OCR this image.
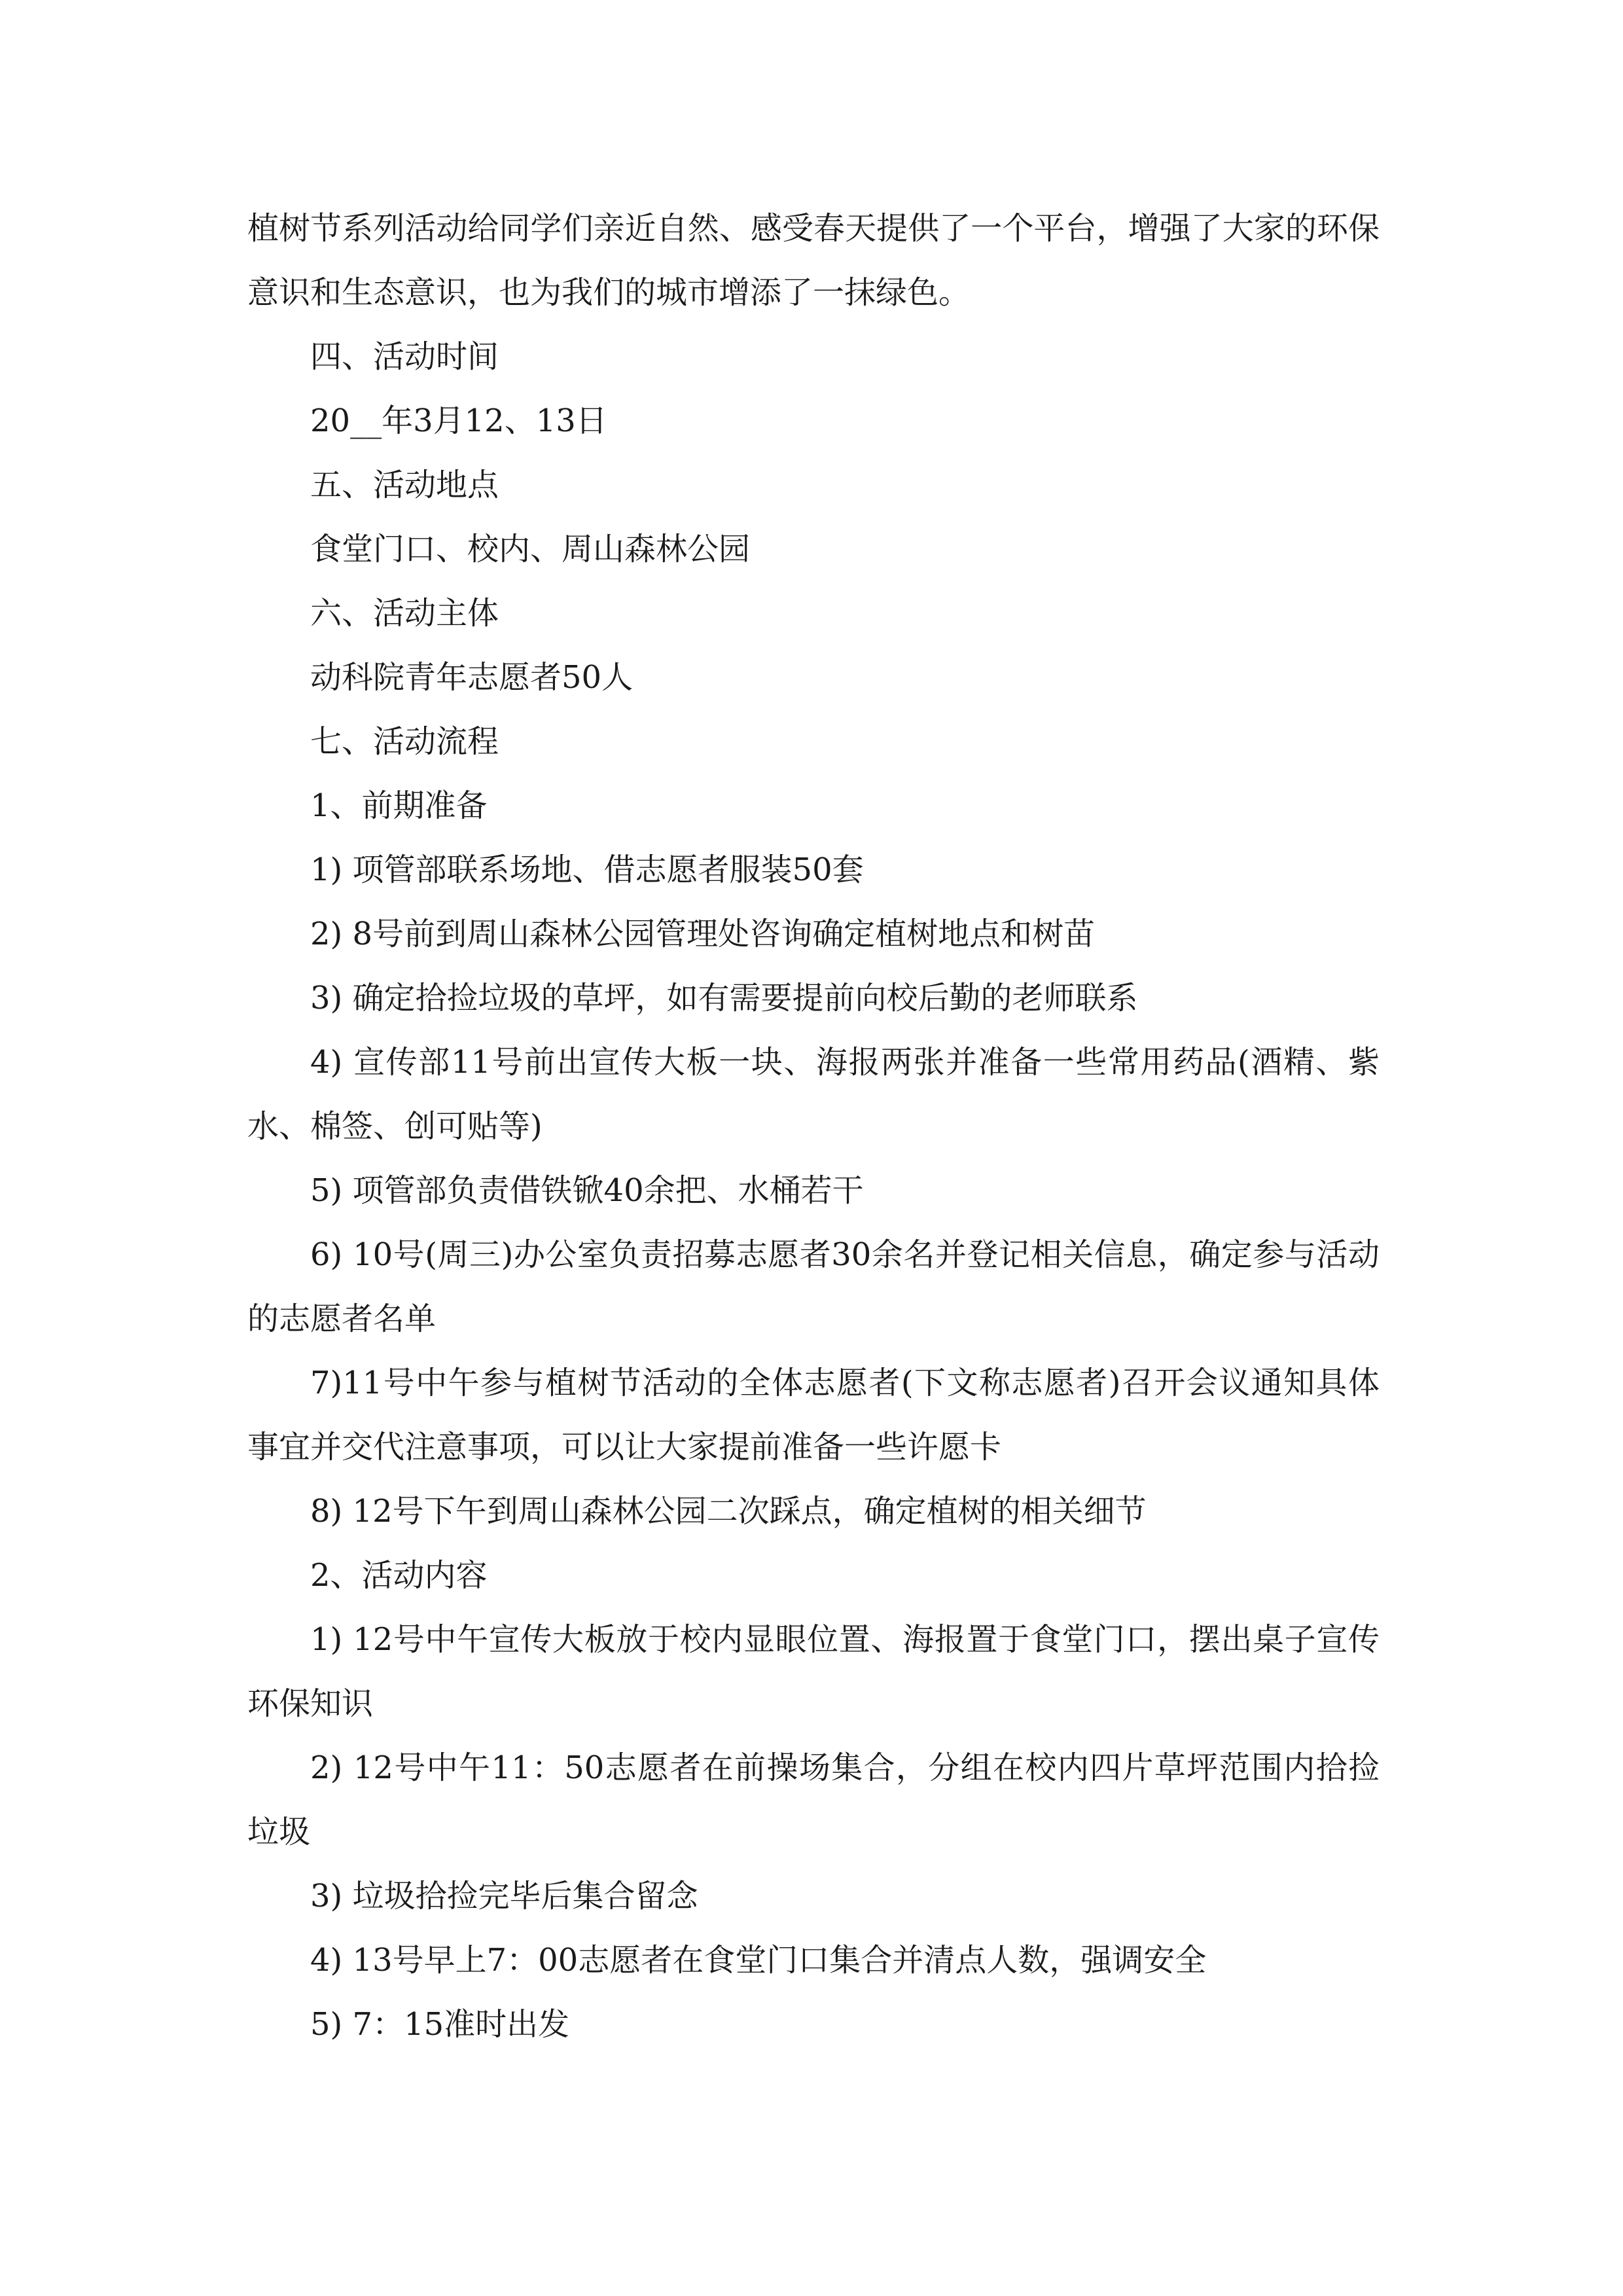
植树节系列活动给同学们亲近自然、感受春天提供了一个平台，增强了大家的环保意识和生态意识，也为我们的城市增添了一抹绿色。

四、活动时间

20__年3月12、13日

五、活动地点

食堂门口、校内、周山森林公园

六、活动主体

动科院青年志愿者50人

七、活动流程

1、前期准备

1) 项管部联系场地、借志愿者服装50套

2) 8号前到周山森林公园管理处咨询确定植树地点和树苗

3) 确定拾捡垃圾的草坪，如有需要提前向校后勤的老师联系

4) 宣传部11号前出宣传大板一块、海报两张并准备一些常用药品(酒精、紫水、棉签、创可贴等)

5) 项管部负责借铁锨40余把、水桶若干

6) 10号(周三)办公室负责招募志愿者30余名并登记相关信息，确定参与活动的志愿者名单

7)11号中午参与植树节活动的全体志愿者(下文称志愿者)召开会议通知具体事宜并交代注意事项，可以让大家提前准备一些许愿卡

8) 12号下午到周山森林公园二次踩点，确定植树的相关细节

2、活动内容

1) 12号中午宣传大板放于校内显眼位置、海报置于食堂门口，摆出桌子宣传环保知识

2) 12号中午11：50志愿者在前操场集合，分组在校内四片草坪范围内拾捡垃圾

3) 垃圾拾捡完毕后集合留念

4) 13号早上7：00志愿者在食堂门口集合并清点人数，强调安全

5) 7：15准时出发
